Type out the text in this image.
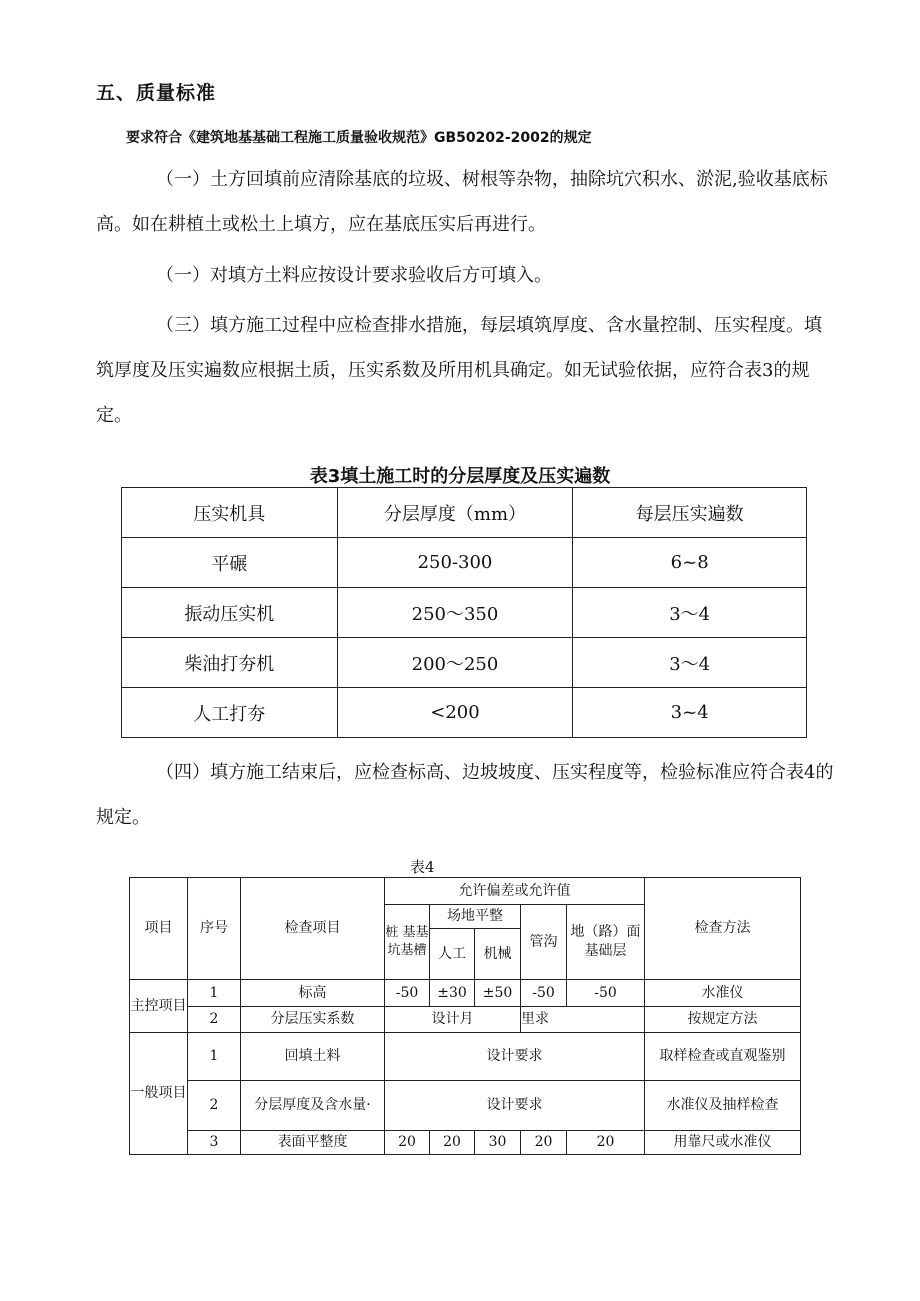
五、质量标准
要求符合《建筑地基基础工程施工质量验收规范》GB50202-2002的规定
（一）土方回填前应清除基底的垃圾、树根等杂物，抽除坑穴积水、淤泥,验收基底标高。如在耕植土或松土上填方，应在基底压实后再进行。
（一）对填方土料应按设计要求验收后方可填入。
（三）填方施工过程中应检查排水措施，每层填筑厚度、含水量控制、压实程度。填筑厚度及压实遍数应根据土质，压实系数及所用机具确定。如无试验依据，应符合表3的规定。
表3填土施工时的分层厚度及压实遍数
压实机具	分层厚度（mm）	每层压实遍数
平碾	250-300	6~8
振动压实机	250～350	3～4
柴油打夯机	200～250	3～4
人工打夯	<200	3~4
（四）填方施工结束后，应检查标高、边坡坡度、压实程度等，检验标准应符合表4的规定。
表4
项目	序号	检查项目	允许偏差或允许值					检查方法
			桩 基基 坑基槽	场地平整		管沟	地（路）面基础层	
				人工	机械			
主控项目	1	标高	-50	±30	±50	-50	-50	水准仪
	2	分层压实系数	设计月			里求		按规定方法
一般项目	1	回填土料	设计要求					取样检查或直观鉴别
	2	分层厚度及含水量·	设计要求					水准仪及抽样检查
	3	表面平整度	20	20	30	20	20	用靠尺或水准仪
